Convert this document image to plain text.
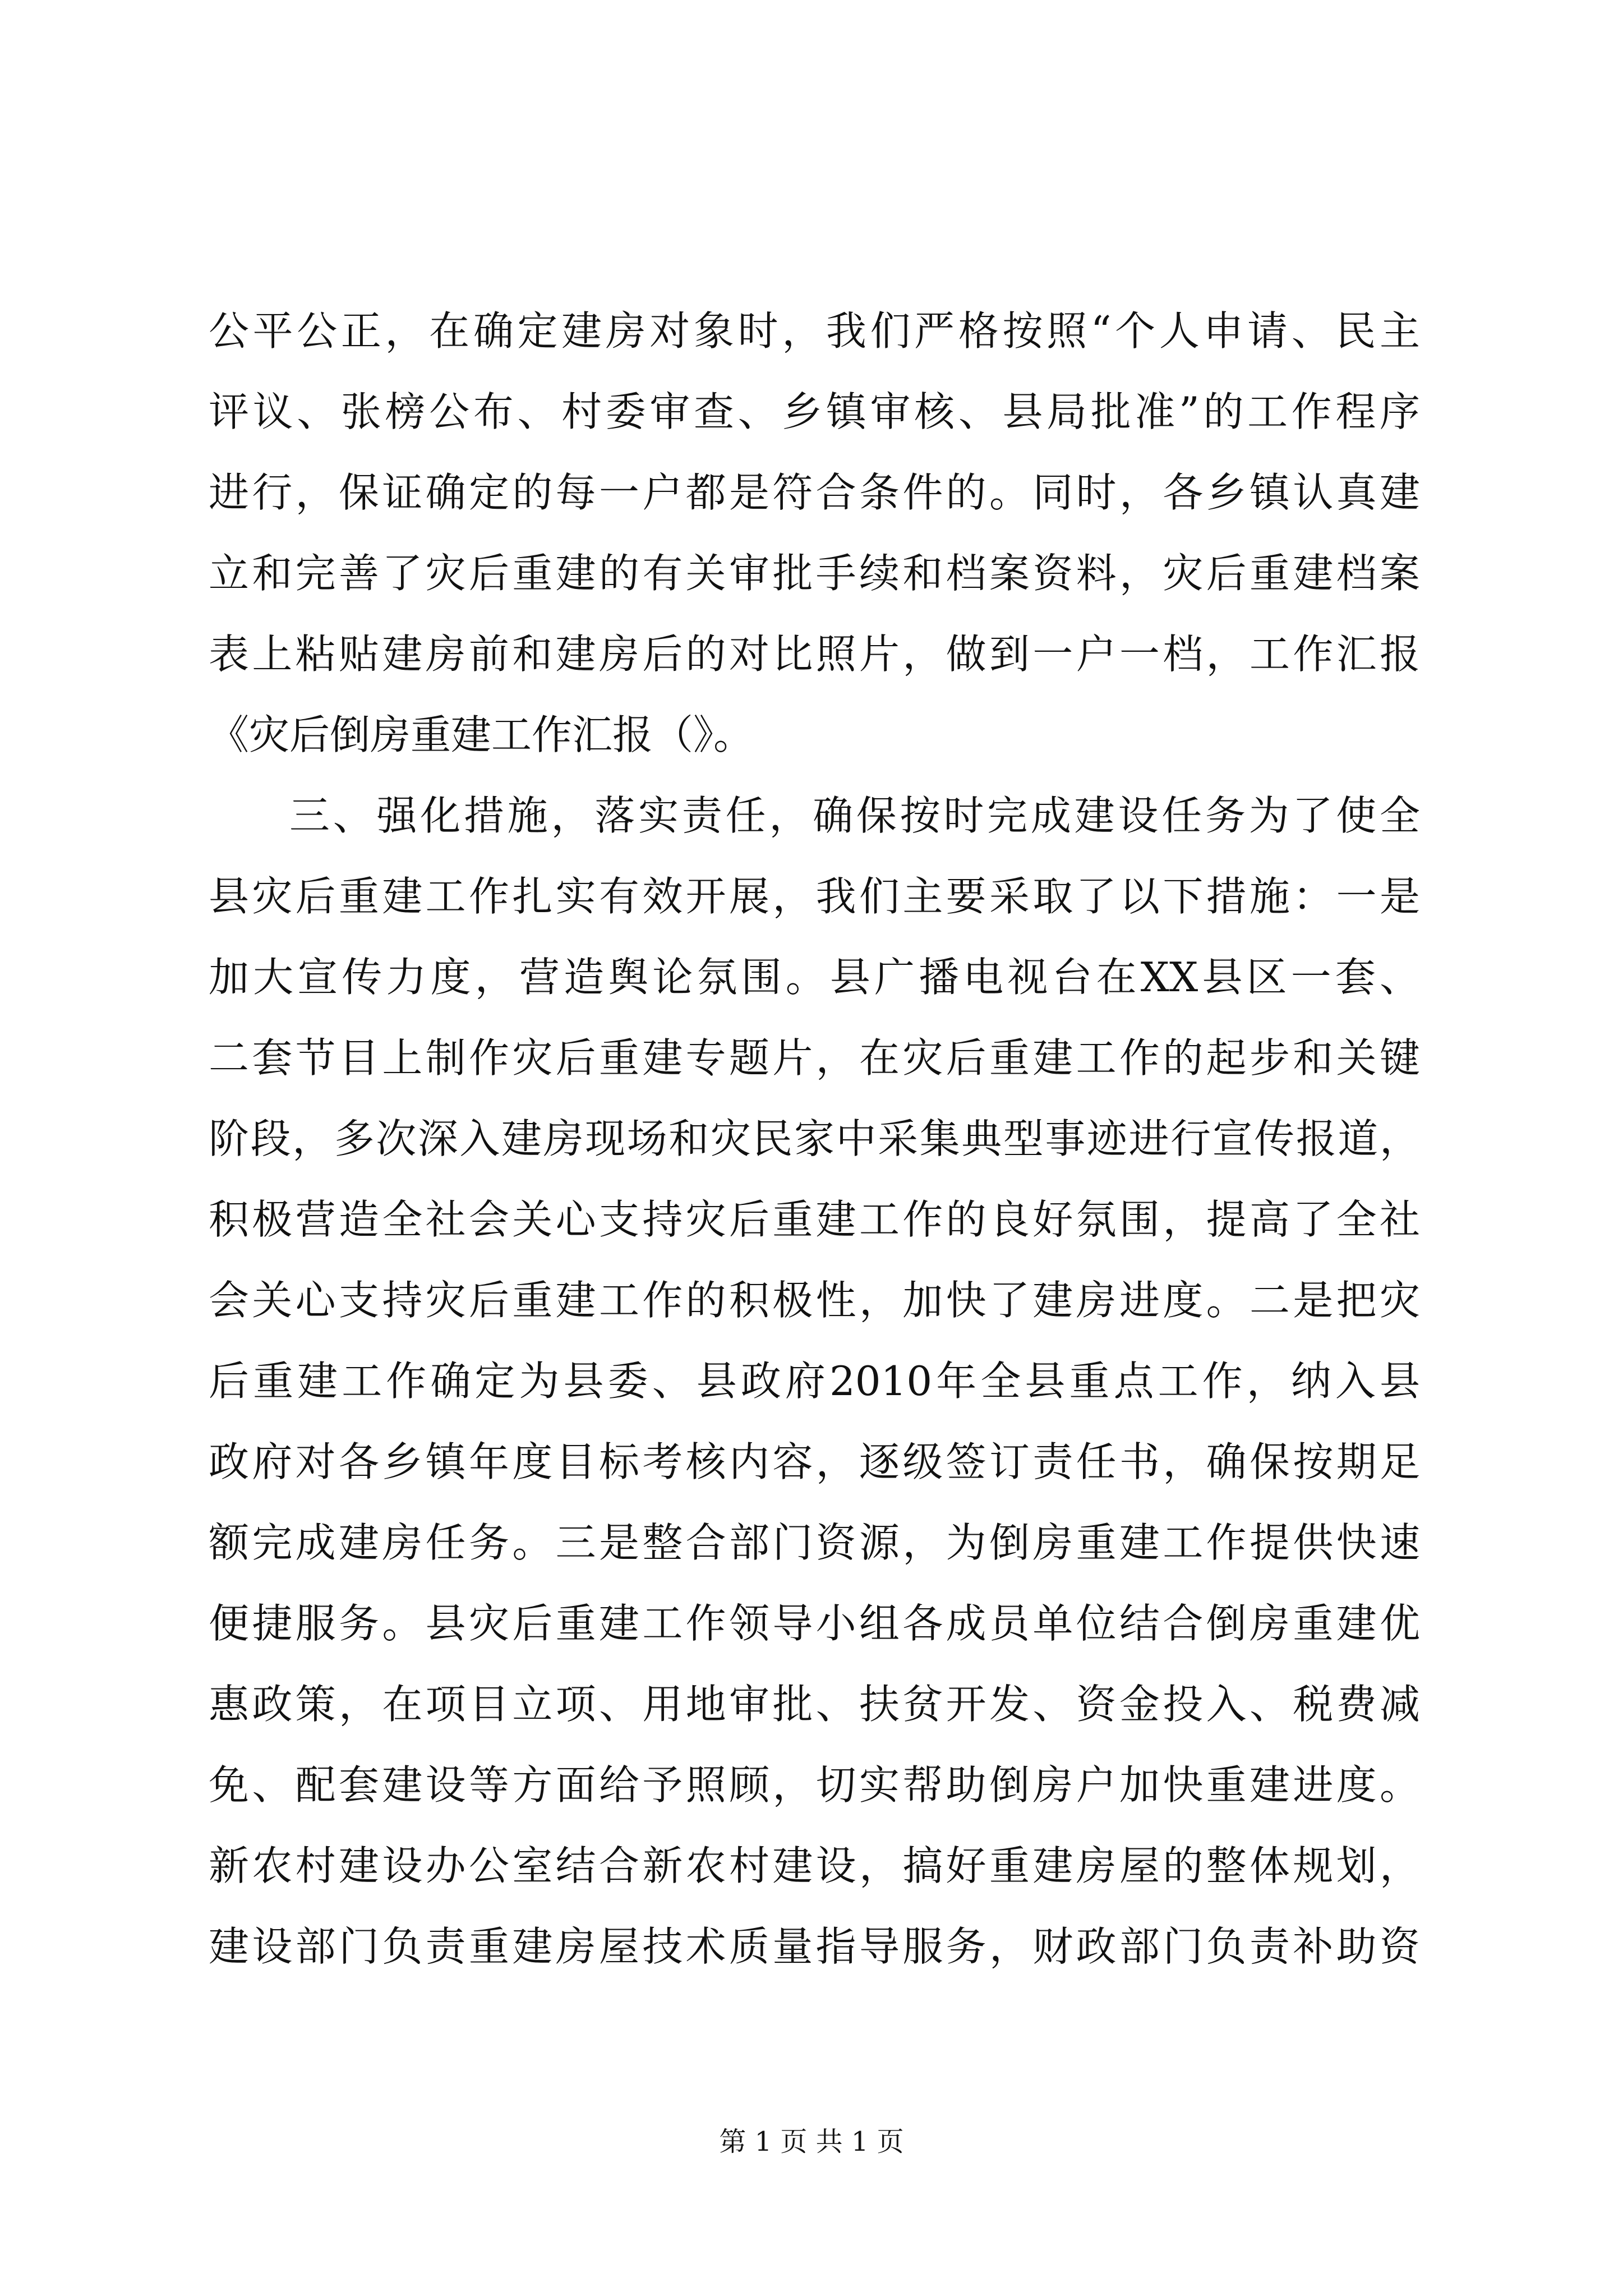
公平公正，在确定建房对象时，我们严格按照“个人申请、民主
评议、张榜公布、村委审查、乡镇审核、县局批准”的工作程序
进行，保证确定的每一户都是符合条件的。同时，各乡镇认真建
立和完善了灾后重建的有关审批手续和档案资料，灾后重建档案
表上粘贴建房前和建房后的对比照片，做到一户一档，工作汇报
《灾后倒房重建工作汇报（》。
三、强化措施，落实责任，确保按时完成建设任务为了使全
县灾后重建工作扎实有效开展，我们主要采取了以下措施：一是
加大宣传力度，营造舆论氛围。县广播电视台在XX县区一套、
二套节目上制作灾后重建专题片，在灾后重建工作的起步和关键
阶段，多次深入建房现场和灾民家中采集典型事迹进行宣传报道，
积极营造全社会关心支持灾后重建工作的良好氛围，提高了全社
会关心支持灾后重建工作的积极性，加快了建房进度。二是把灾
后重建工作确定为县委、县政府2010年全县重点工作，纳入县
政府对各乡镇年度目标考核内容，逐级签订责任书，确保按期足
额完成建房任务。三是整合部门资源，为倒房重建工作提供快速
便捷服务。县灾后重建工作领导小组各成员单位结合倒房重建优
惠政策，在项目立项、用地审批、扶贫开发、资金投入、税费减
免、配套建设等方面给予照顾，切实帮助倒房户加快重建进度。
新农村建设办公室结合新农村建设，搞好重建房屋的整体规划，
建设部门负责重建房屋技术质量指导服务，财政部门负责补助资
第 1 页 共 1 页
